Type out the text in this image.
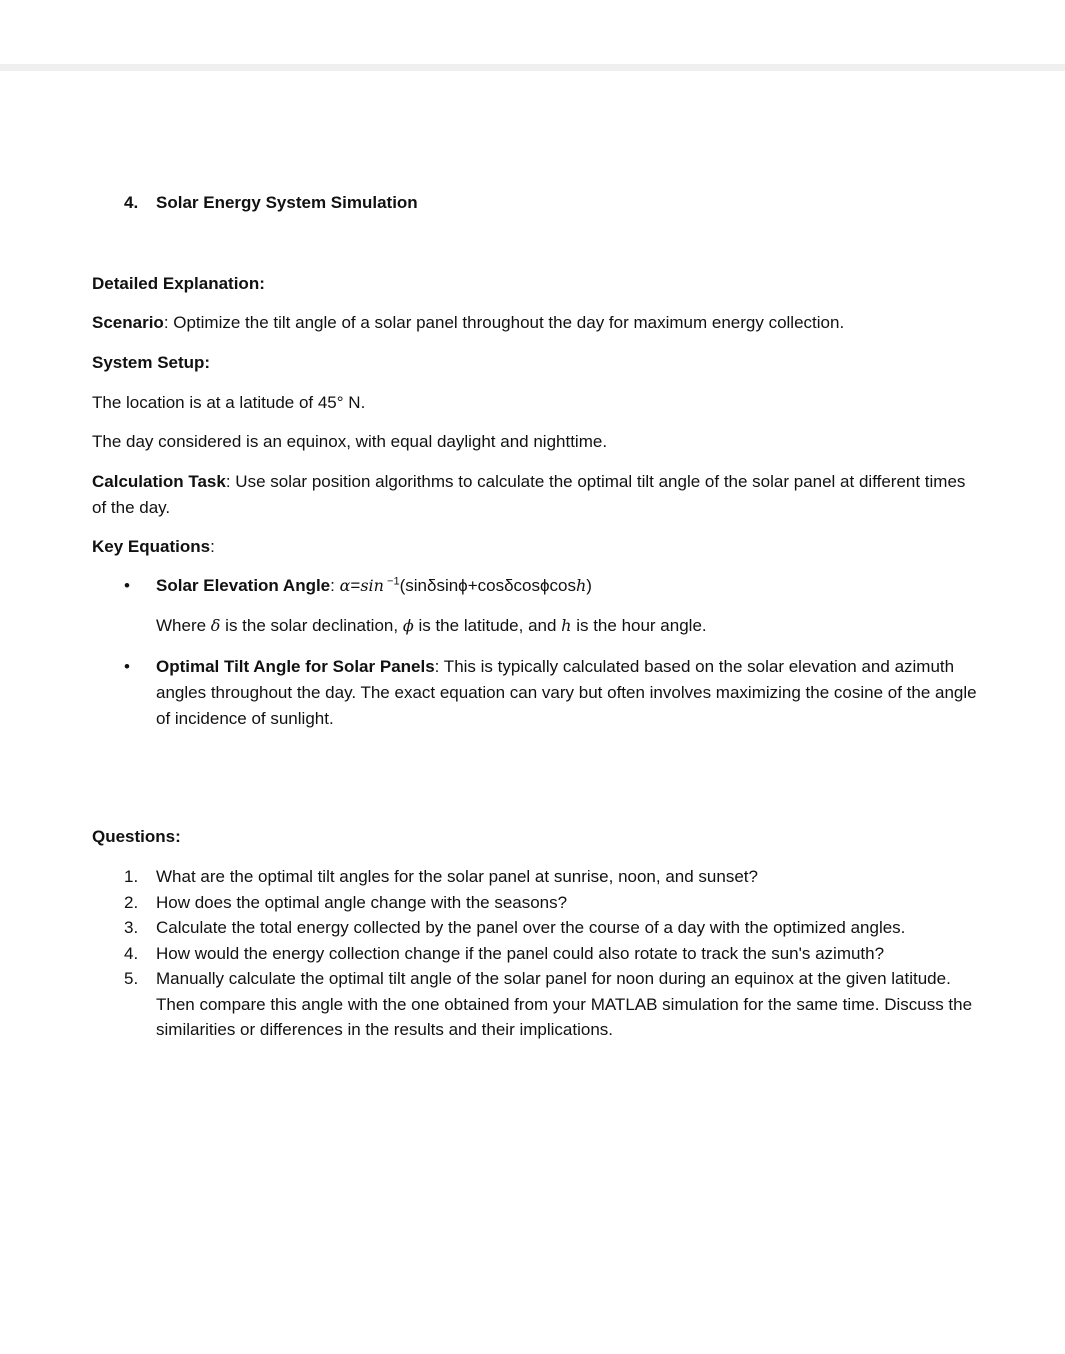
4. Solar Energy System Simulation

Detailed Explanation:

Scenario: Optimize the tilt angle of a solar panel throughout the day for maximum energy collection.

System Setup:

The location is at a latitude of 45° N.

The day considered is an equinox, with equal daylight and nighttime.

Calculation Task: Use solar position algorithms to calculate the optimal tilt angle of the solar panel at different times of the day.

Key Equations:

•	Solar Elevation Angle: α=sin $^{-1}$(sinδsinϕ+cosδcosϕcosh)
Where δ is the solar declination, ϕ is the latitude, and h is the hour angle.
•	Optimal Tilt Angle for Solar Panels: This is typically calculated based on the solar elevation and azimuth angles throughout the day. The exact equation can vary but often involves maximizing the cosine of the angle of incidence of sunlight.

Questions:

1. What are the optimal tilt angles for the solar panel at sunrise, noon, and sunset?
2. How does the optimal angle change with the seasons?
3. Calculate the total energy collected by the panel over the course of a day with the optimized angles.
4. How would the energy collection change if the panel could also rotate to track the sun's azimuth?
5. Manually calculate the optimal tilt angle of the solar panel for noon during an equinox at the given latitude. Then compare this angle with the one obtained from your MATLAB simulation for the same time. Discuss the similarities or differences in the results and their implications.
